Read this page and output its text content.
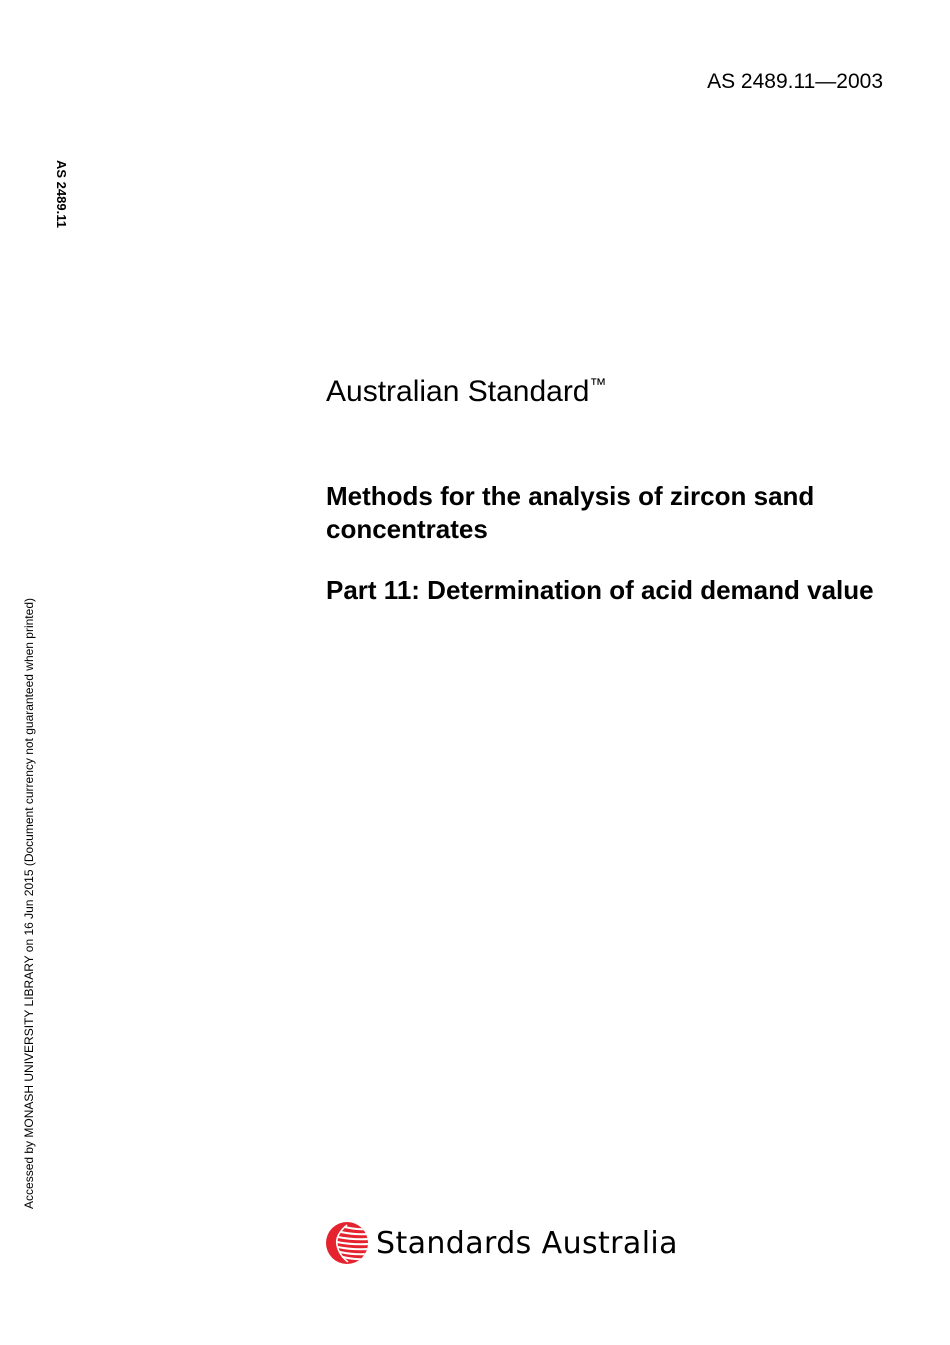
AS 2489.11—2003
AS 2489.11
Accessed by MONASH UNIVERSITY LIBRARY on 16 Jun 2015 (Document currency not guaranteed when printed)
Australian Standard™
Methods for the analysis of zircon sand concentrates
Part 11: Determination of acid demand value
Standards Australia
